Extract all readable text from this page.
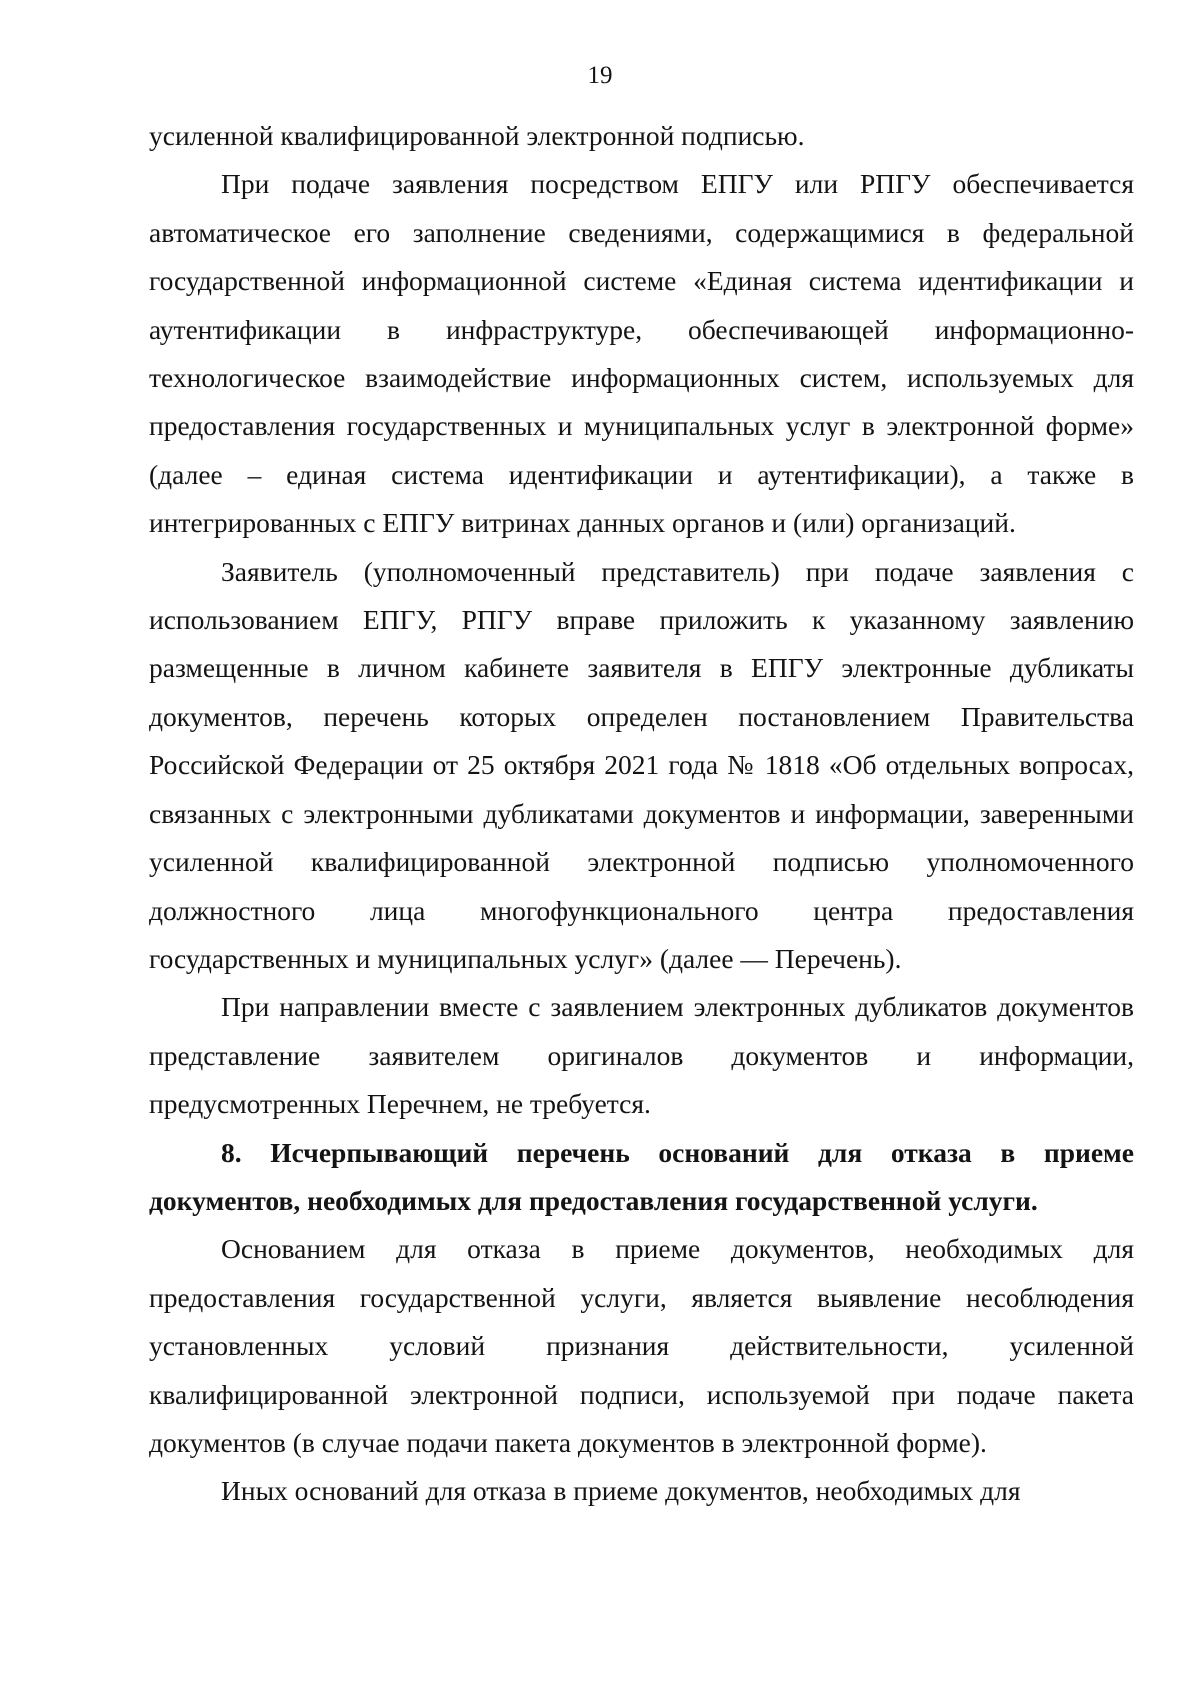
19

усиленной квалифицированной электронной подписью.

При подаче заявления посредством ЕПГУ или РПГУ обеспечивается автоматическое его заполнение сведениями, содержащимися в федеральной государственной информационной системе «Единая система идентификации и аутентификации в инфраструктуре, обеспечивающей информационно-технологическое взаимодействие информационных систем, используемых для предоставления государственных и муниципальных услуг в электронной форме» (далее – единая система идентификации и аутентификации), а также в интегрированных с ЕПГУ витринах данных органов и (или) организаций.

Заявитель (уполномоченный представитель) при подаче заявления с использованием ЕПГУ, РПГУ вправе приложить к указанному заявлению размещенные в личном кабинете заявителя в ЕПГУ электронные дубликаты документов, перечень которых определен постановлением Правительства Российской Федерации от 25 октября 2021 года № 1818 «Об отдельных вопросах, связанных с электронными дубликатами документов и информации, заверенными усиленной квалифицированной электронной подписью уполномоченного должностного лица многофункционального центра предоставления государственных и муниципальных услуг» (далее — Перечень).

При направлении вместе с заявлением электронных дубликатов документов представление заявителем оригиналов документов и информации, предусмотренных Перечнем, не требуется.

8. Исчерпывающий перечень оснований для отказа в приеме документов, необходимых для предоставления государственной услуги.

Основанием для отказа в приеме документов, необходимых для предоставления государственной услуги, является выявление несоблюдения установленных условий признания действительности, усиленной квалифицированной электронной подписи, используемой при подаче пакета документов (в случае подачи пакета документов в электронной форме).

Иных оснований для отказа в приеме документов, необходимых для
